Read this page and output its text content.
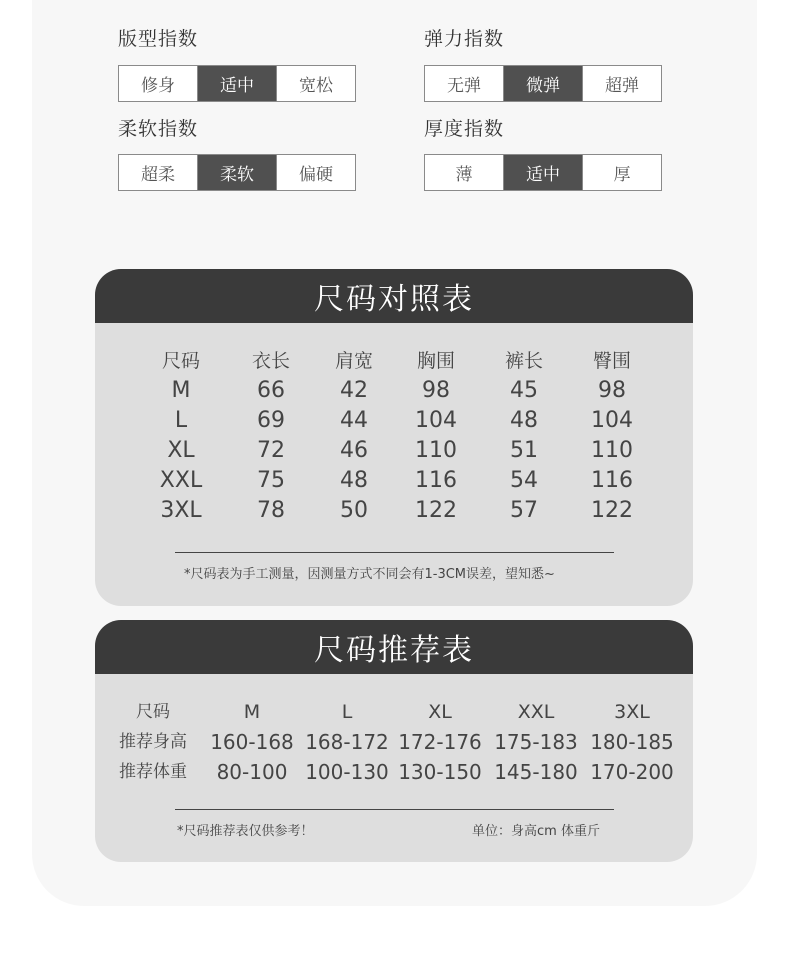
版型指数
修身	适中	宽松
弹力指数
无弹	微弹	超弹
柔软指数
超柔	柔软	偏硬
厚度指数
薄	适中	厚
尺码对照表
尺码	衣长	肩宽	胸围	裤长	臀围
M	66	42	98	45	98
L	69	44	104	48	104
XL	72	46	110	51	110
XXL	75	48	116	54	116
3XL	78	50	122	57	122
*尺码表为手工测量，因测量方式不同会有1-3CM误差，望知悉~
尺码推荐表
尺码	M	L	XL	XXL	3XL
推荐身高	160-168 168-172 172-176 175-183 180-185
推荐体重	80-100 100-130 130-150 145-180 170-200
*尺码推荐表仅供参考！	单位：身高cm 体重斤
